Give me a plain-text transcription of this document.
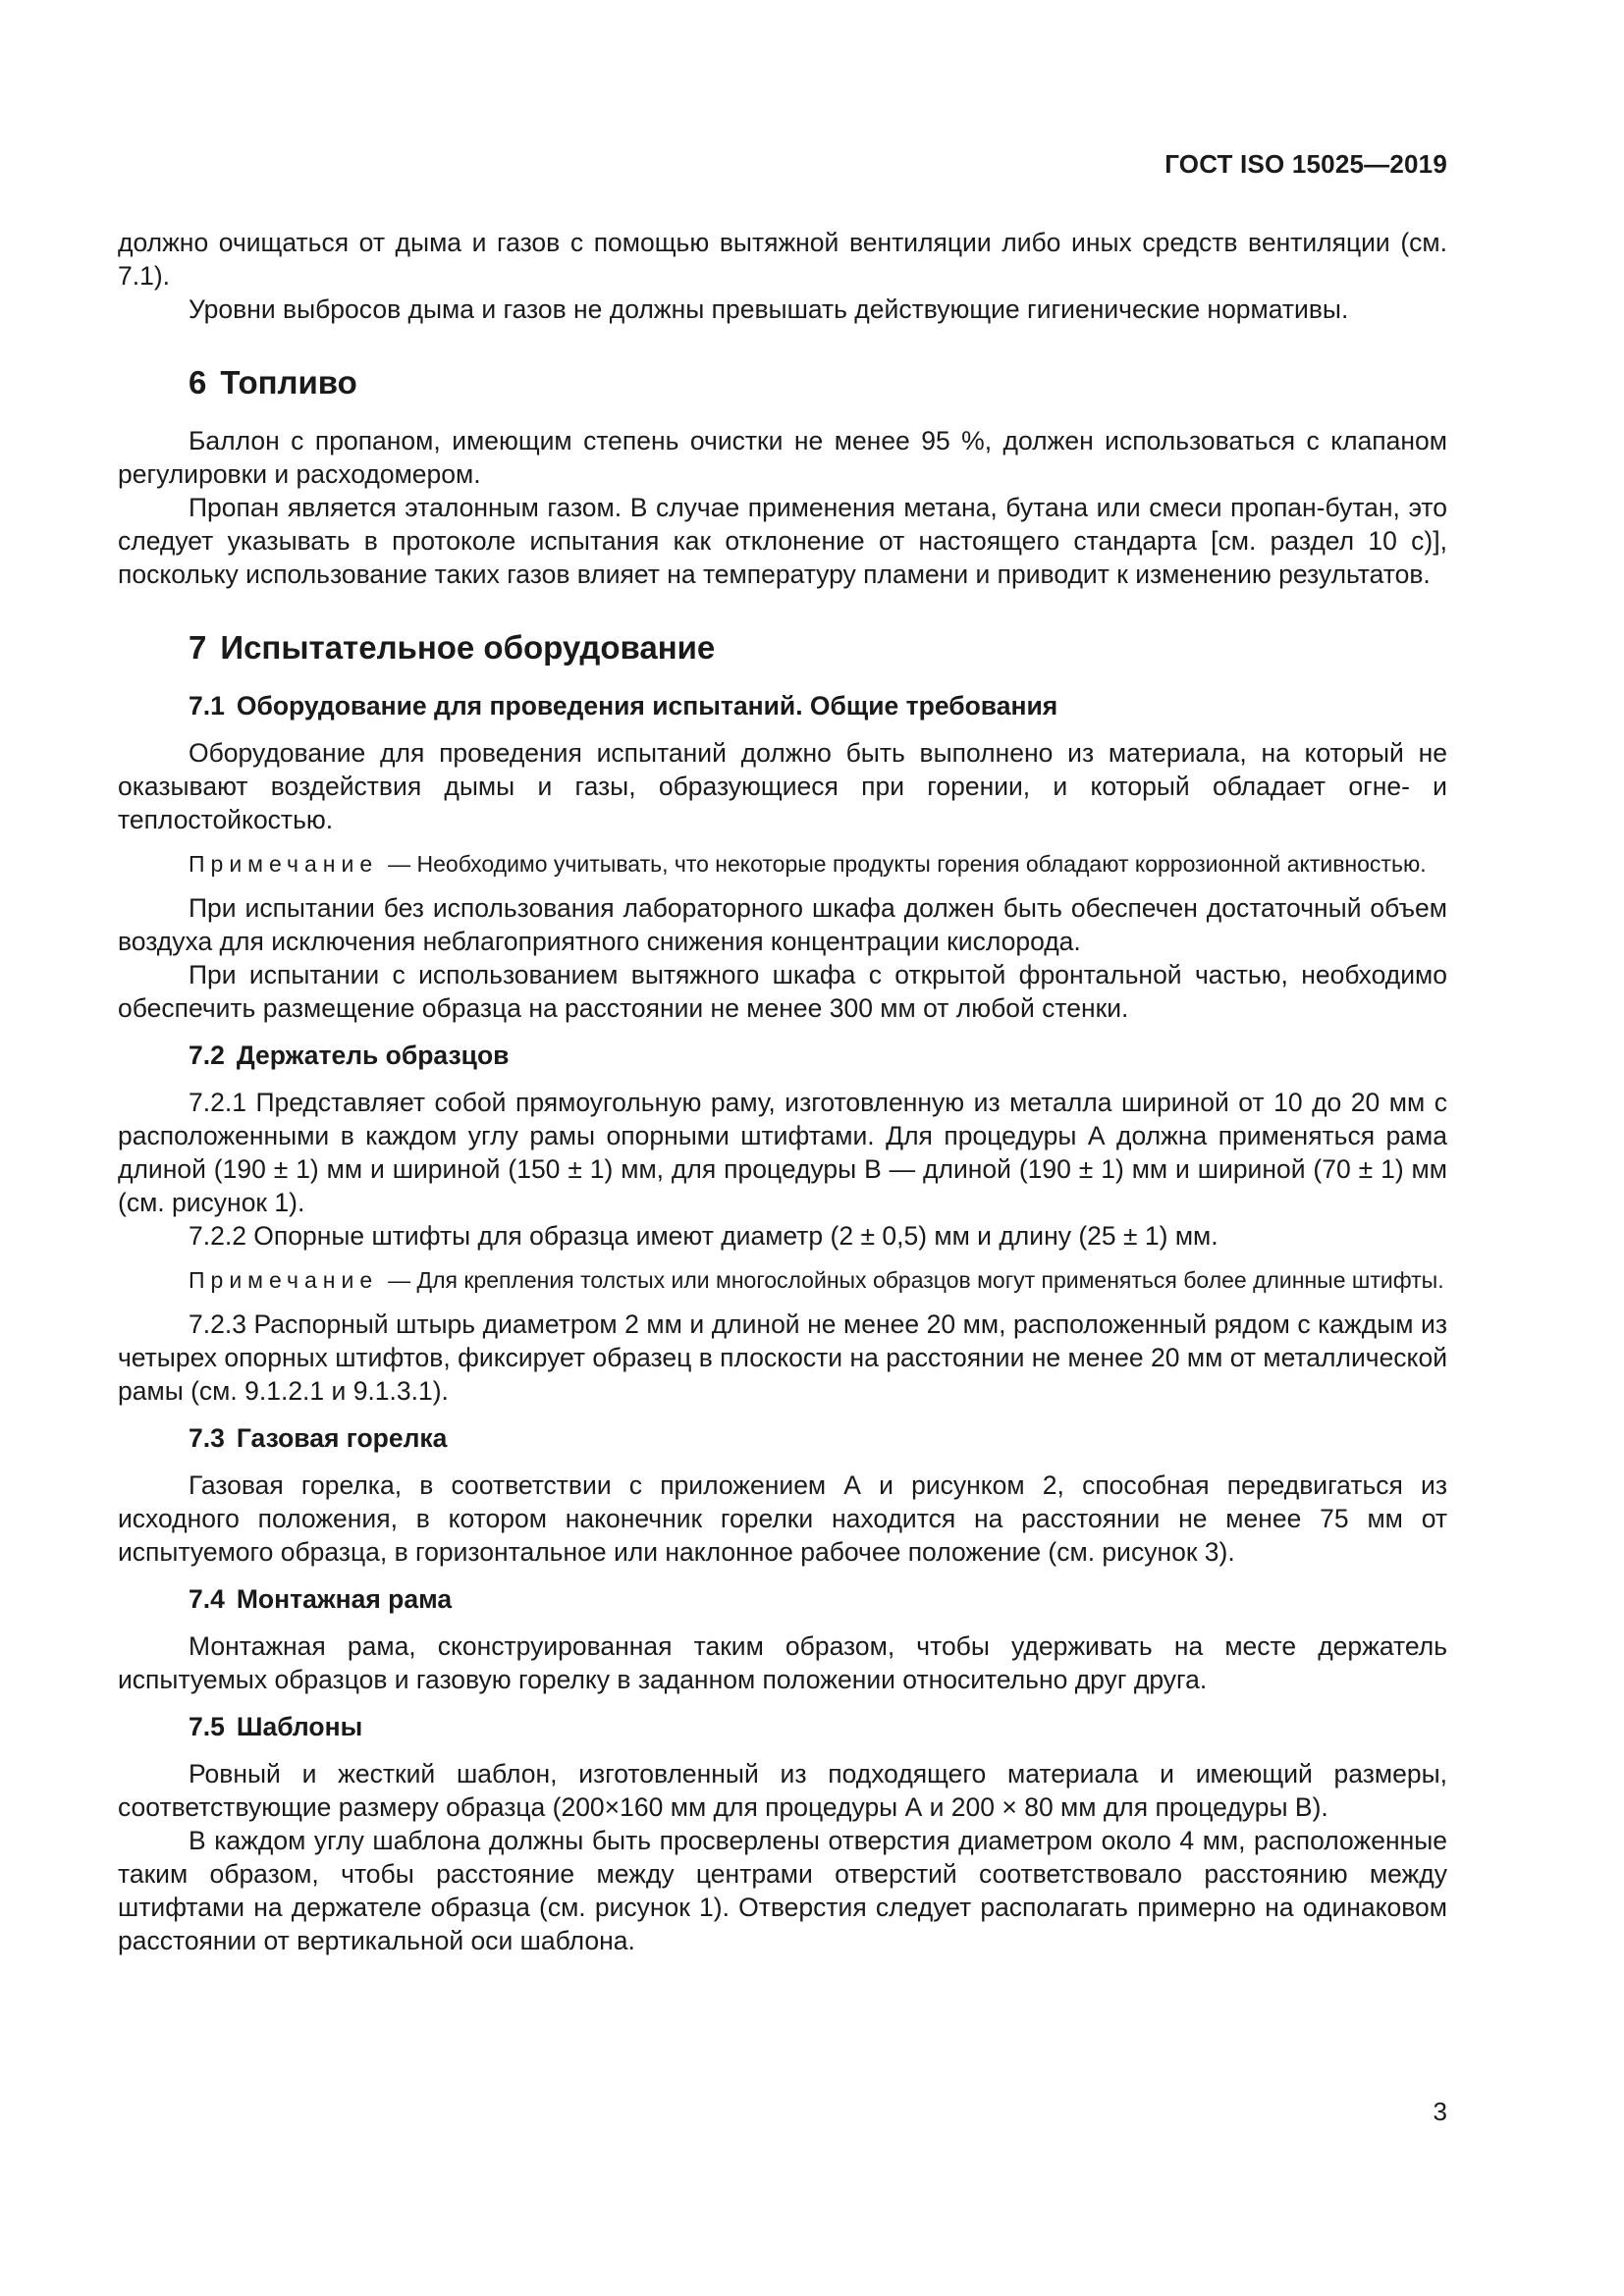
ГОСТ ISO 15025—2019

должно очищаться от дыма и газов с помощью вытяжной вентиляции либо иных средств вентиляции (см. 7.1).

Уровни выбросов дыма и газов не должны превышать действующие гигиенические нормативы.

6 Топливо

Баллон с пропаном, имеющим степень очистки не менее 95 %, должен использоваться с клапаном регулировки и расходомером.

Пропан является эталонным газом. В случае применения метана, бутана или смеси пропан-бутан, это следует указывать в протоколе испытания как отклонение от настоящего стандарта [см. раздел 10 с)], поскольку использование таких газов влияет на температуру пламени и приводит к изменению результатов.

7 Испытательное оборудование
7.1 Оборудование для проведения испытаний. Общие требования

Оборудование для проведения испытаний должно быть выполнено из материала, на который не оказывают воздействия дымы и газы, образующиеся при горении, и который обладает огне- и теплостойкостью.

Примечание — Необходимо учитывать, что некоторые продукты горения обладают коррозионной активностью.

При испытании без использования лабораторного шкафа должен быть обеспечен достаточный объем воздуха для исключения неблагоприятного снижения концентрации кислорода.

При испытании с использованием вытяжного шкафа с открытой фронтальной частью, необходимо обеспечить размещение образца на расстоянии не менее 300 мм от любой стенки.

7.2 Держатель образцов

7.2.1 Представляет собой прямоугольную раму, изготовленную из металла шириной от 10 до 20 мм с расположенными в каждом углу рамы опорными штифтами. Для процедуры А должна применяться рама длиной (190 ± 1) мм и шириной (150 ± 1) мм, для процедуры В — длиной (190 ± 1) мм и шириной (70 ± 1) мм (см. рисунок 1).

7.2.2 Опорные штифты для образца имеют диаметр (2 ± 0,5) мм и длину (25 ± 1) мм.

Примечание — Для крепления толстых или многослойных образцов могут применяться более длинные штифты.

7.2.3 Распорный штырь диаметром 2 мм и длиной не менее 20 мм, расположенный рядом с каждым из четырех опорных штифтов, фиксирует образец в плоскости на расстоянии не менее 20 мм от металлической рамы (см. 9.1.2.1 и 9.1.3.1).

7.3 Газовая горелка

Газовая горелка, в соответствии с приложением А и рисунком 2, способная передвигаться из исходного положения, в котором наконечник горелки находится на расстоянии не менее 75 мм от испытуемого образца, в горизонтальное или наклонное рабочее положение (см. рисунок 3).

7.4 Монтажная рама

Монтажная рама, сконструированная таким образом, чтобы удерживать на месте держатель испытуемых образцов и газовую горелку в заданном положении относительно друг друга.

7.5 Шаблоны

Ровный и жесткий шаблон, изготовленный из подходящего материала и имеющий размеры, соответствующие размеру образца (200×160 мм для процедуры А и 200 × 80 мм для процедуры В).

В каждом углу шаблона должны быть просверлены отверстия диаметром около 4 мм, расположенные таким образом, чтобы расстояние между центрами отверстий соответствовало расстоянию между штифтами на держателе образца (см. рисунок 1). Отверстия следует располагать примерно на одинаковом расстоянии от вертикальной оси шаблона.

3
